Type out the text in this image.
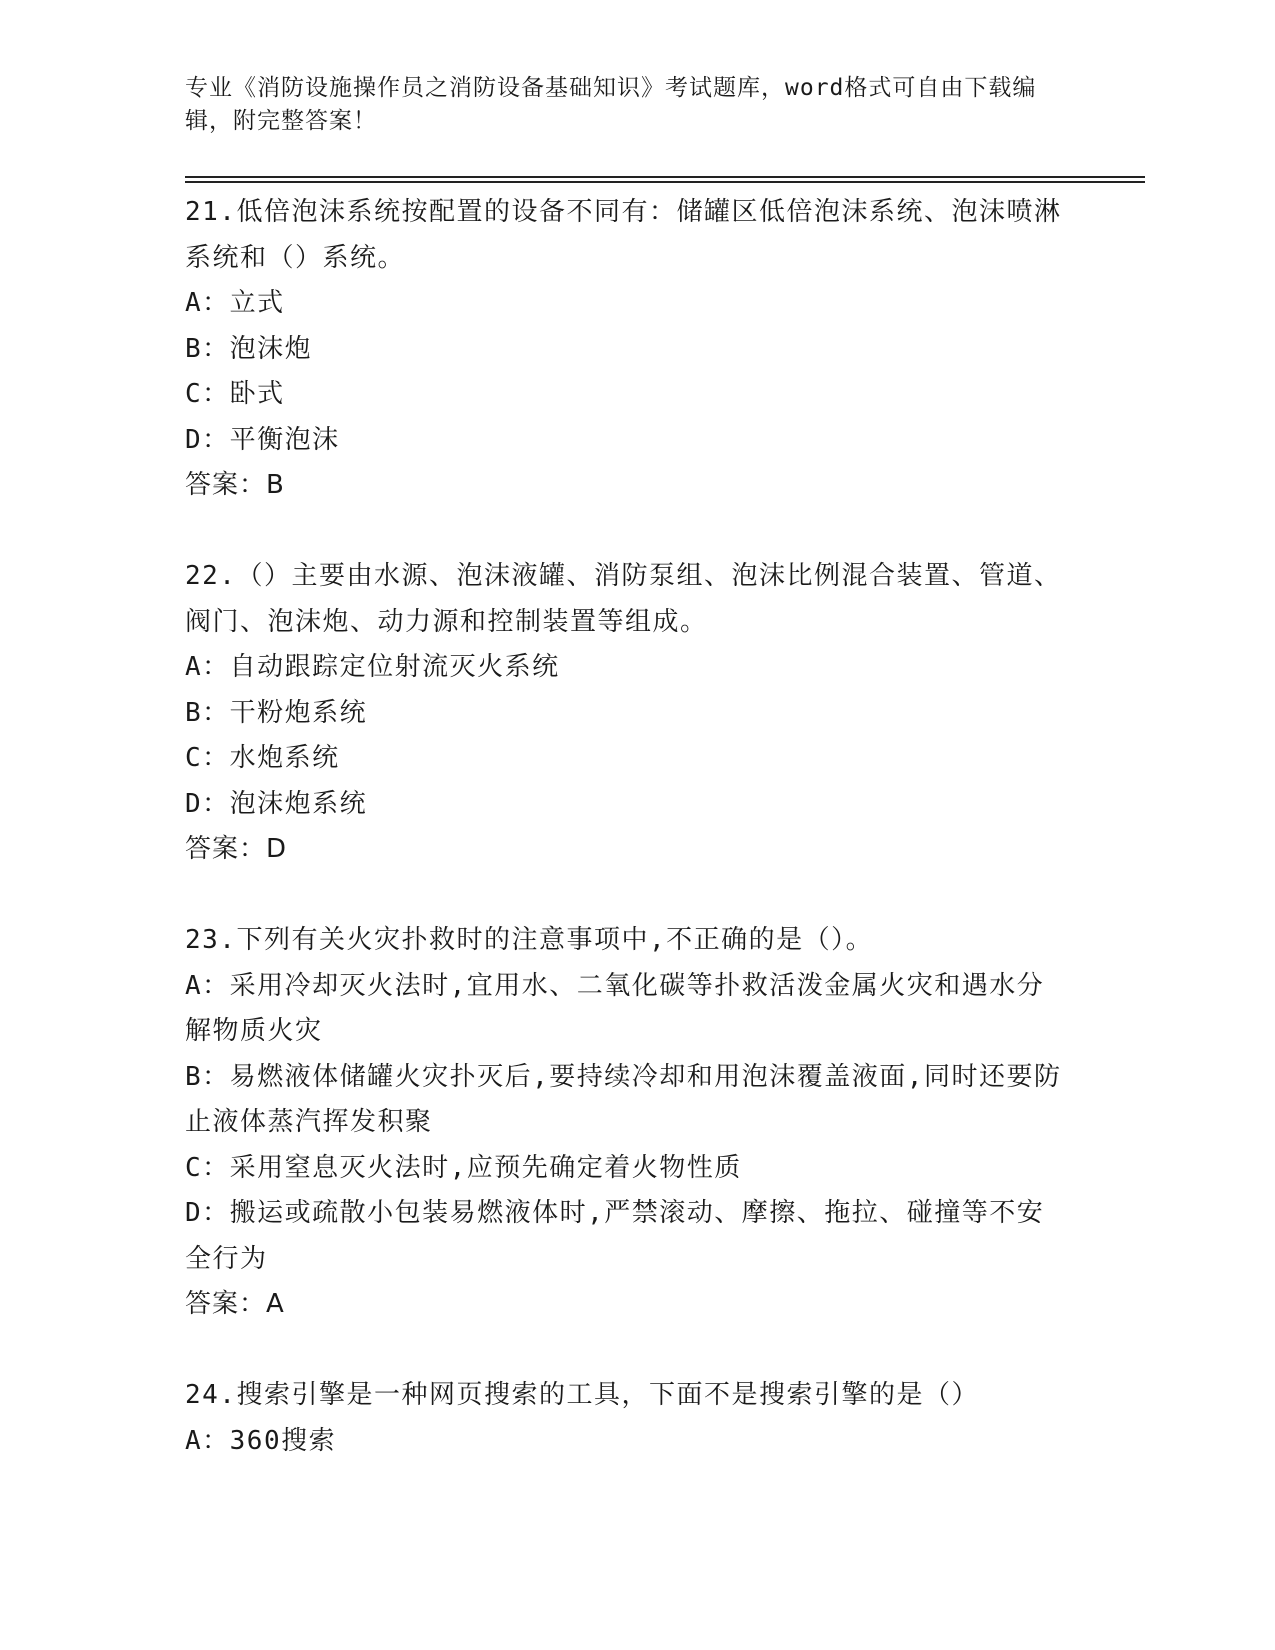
专业《消防设施操作员之消防设备基础知识》考试题库，word格式可自由下载编辑，附完整答案！

21.低倍泡沫系统按配置的设备不同有：储罐区低倍泡沫系统、泡沫喷淋系统和（）系统。

A：立式

B：泡沫炮

C：卧式

D：平衡泡沫

答案：B

22.（）主要由水源、泡沫液罐、消防泵组、泡沫比例混合装置、管道、阀门、泡沫炮、动力源和控制装置等组成。

A：自动跟踪定位射流灭火系统

B：干粉炮系统

C：水炮系统

D：泡沫炮系统

答案：D

23.下列有关火灾扑救时的注意事项中,不正确的是（）。

A：采用冷却灭火法时,宜用水、二氧化碳等扑救活泼金属火灾和遇水分解物质火灾

B：易燃液体储罐火灾扑灭后,要持续冷却和用泡沫覆盖液面,同时还要防止液体蒸汽挥发积聚

C：采用窒息灭火法时,应预先确定着火物性质

D：搬运或疏散小包装易燃液体时,严禁滚动、摩擦、拖拉、碰撞等不安全行为

答案：A

24.搜索引擎是一种网页搜索的工具，下面不是搜索引擎的是（）

A：360搜索
